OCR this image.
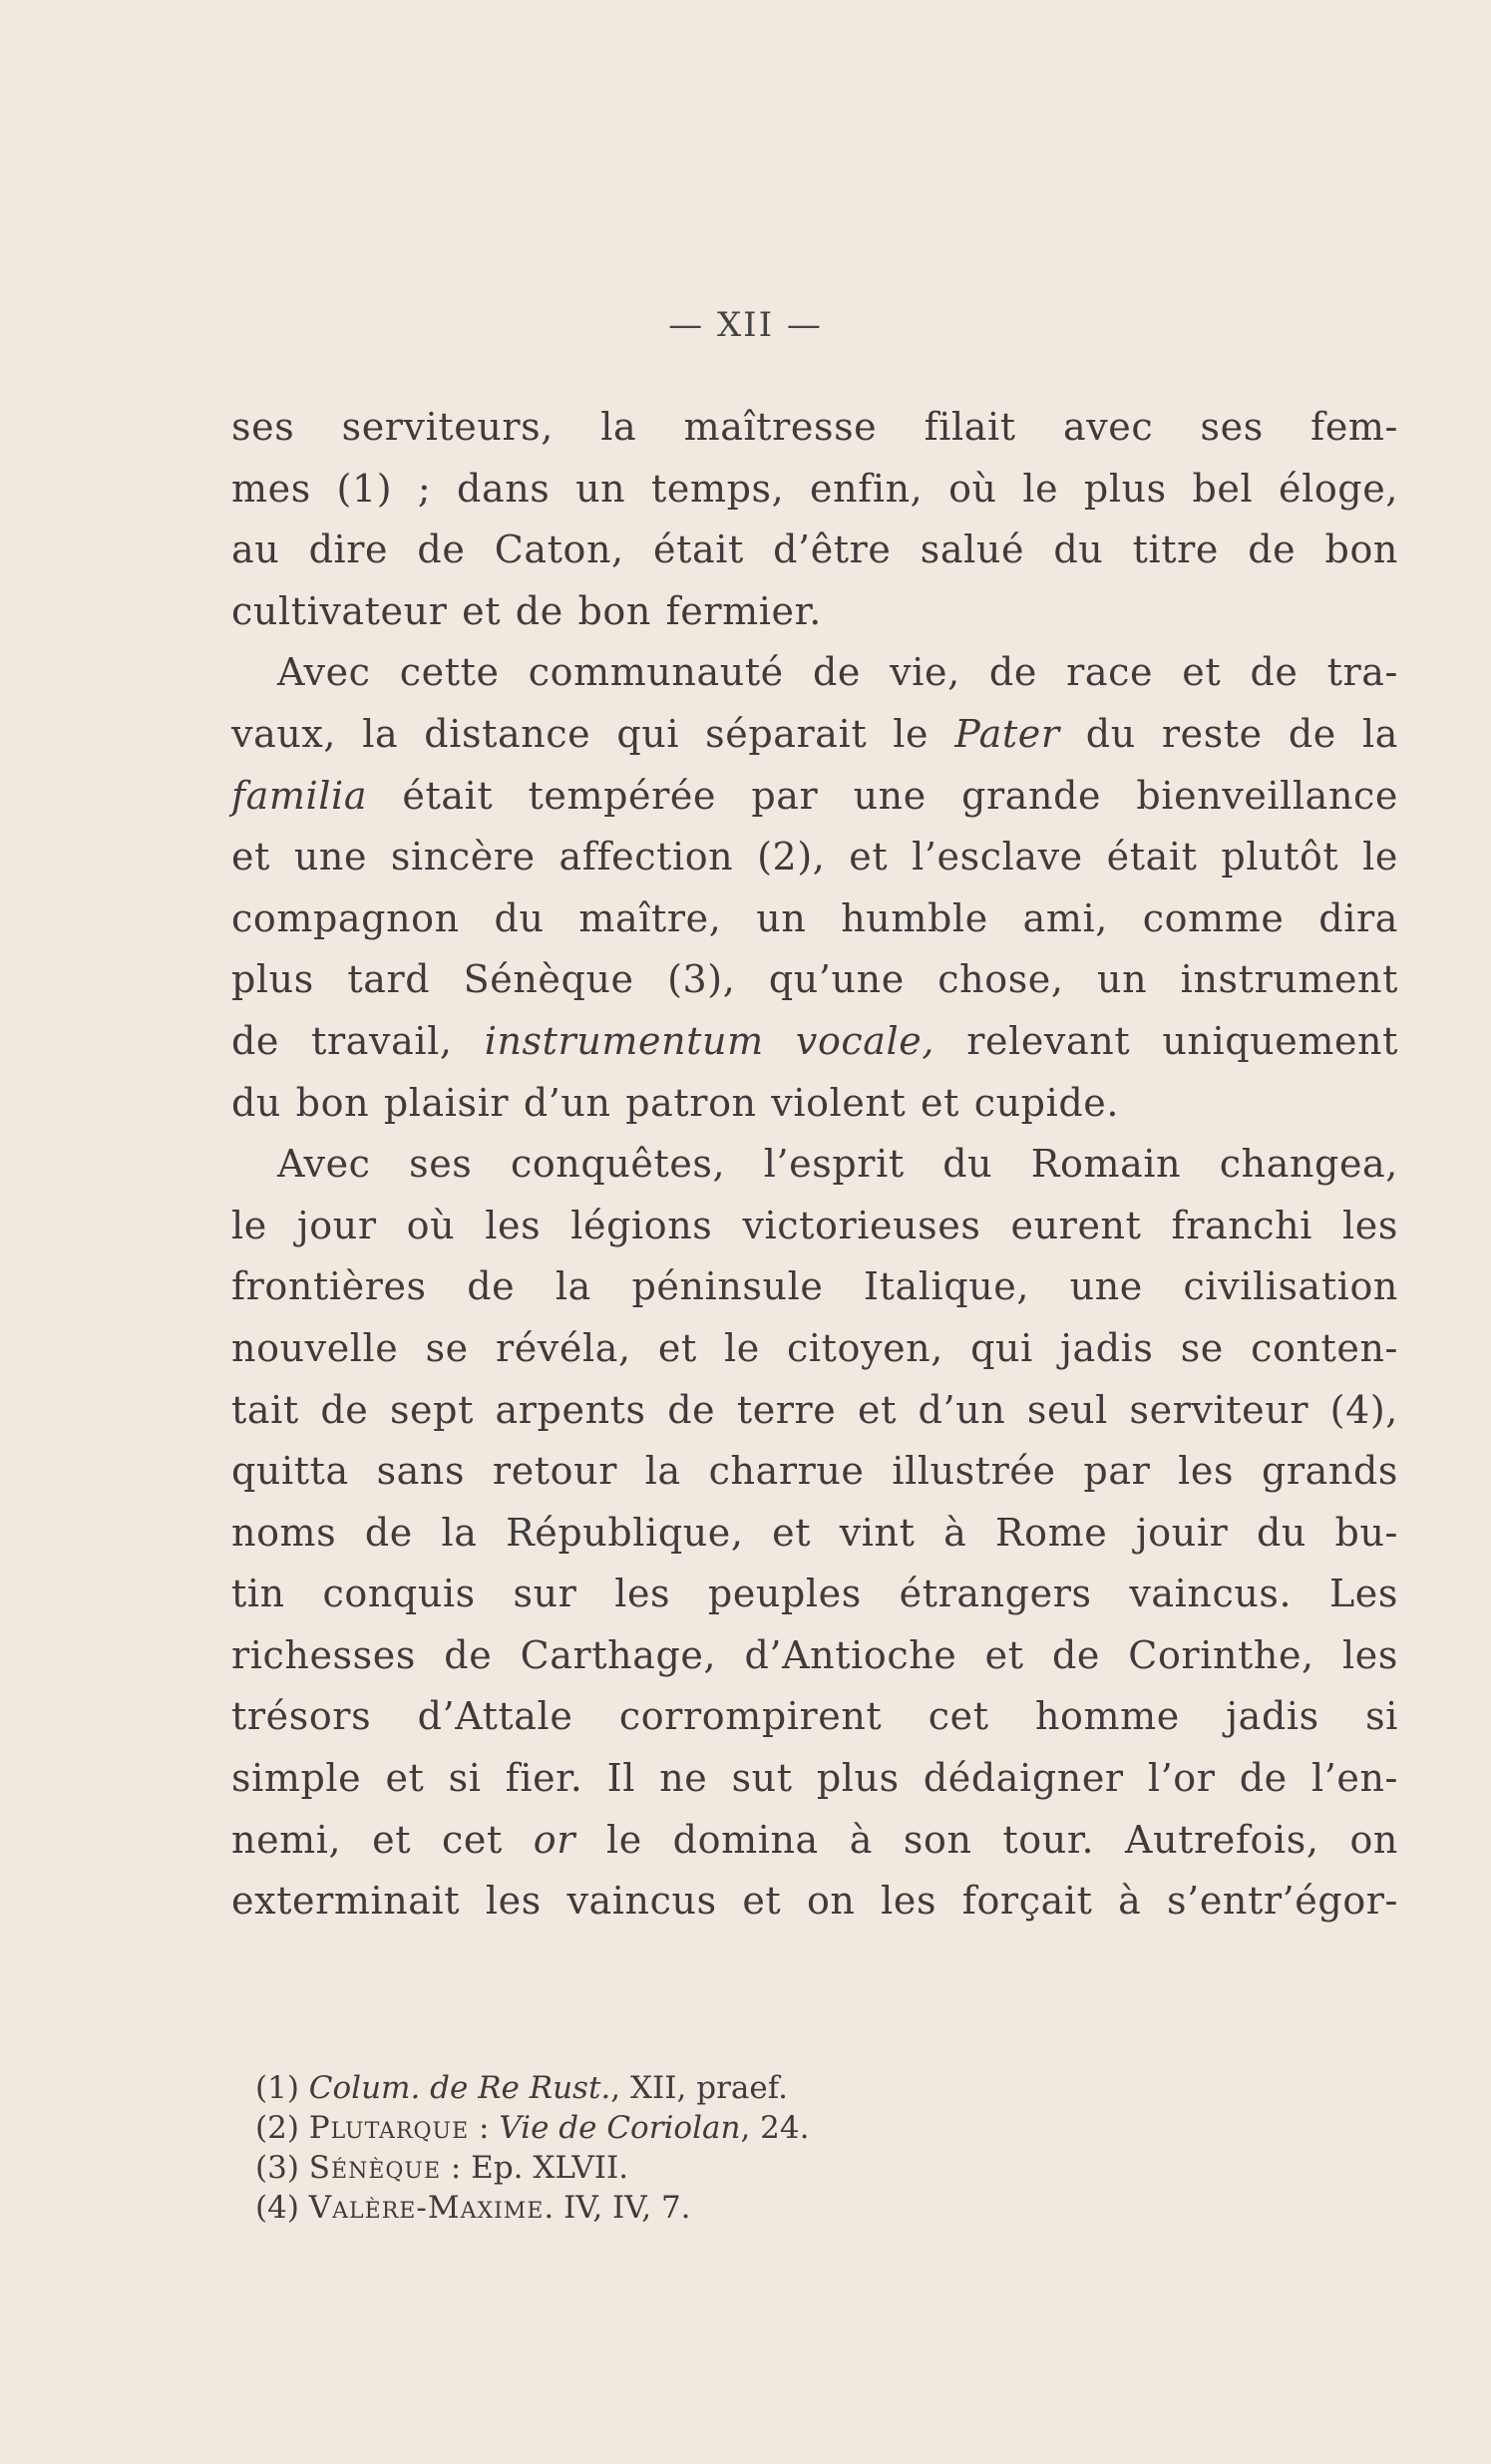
— XII —
ses serviteurs, la maîtresse filait avec ses fem-
mes (1) ; dans un temps, enfin, où le plus bel éloge,
au dire de Caton, était d’être salué du titre de bon
cultivateur et de bon fermier.
Avec cette communauté de vie, de race et de tra-
vaux, la distance qui séparait le Pater du reste de la
familia était tempérée par une grande bienveillance
et une sincère affection (2), et l’esclave était plutôt le
compagnon du maître, un humble ami, comme dira
plus tard Sénèque (3), qu’une chose, un instrument
de travail, instrumentum vocale, relevant uniquement
du bon plaisir d’un patron violent et cupide.
Avec ses conquêtes, l’esprit du Romain changea,
le jour où les légions victorieuses eurent franchi les
frontières de la péninsule Italique, une civilisation
nouvelle se révéla, et le citoyen, qui jadis se conten-
tait de sept arpents de terre et d’un seul serviteur (4),
quitta sans retour la charrue illustrée par les grands
noms de la République, et vint à Rome jouir du bu-
tin conquis sur les peuples étrangers vaincus. Les
richesses de Carthage, d’Antioche et de Corinthe, les
trésors d’Attale corrompirent cet homme jadis si
simple et si fier. Il ne sut plus dédaigner l’or de l’en-
nemi, et cet or le domina à son tour. Autrefois, on
exterminait les vaincus et on les forçait à s’entr’égor-
(1) Colum. de Re Rust., XII, praef.
(2) Plutarque : Vie de Coriolan, 24.
(3) Sénèque : Ep. XLVII.
(4) Valère-Maxime. IV, IV, 7.
